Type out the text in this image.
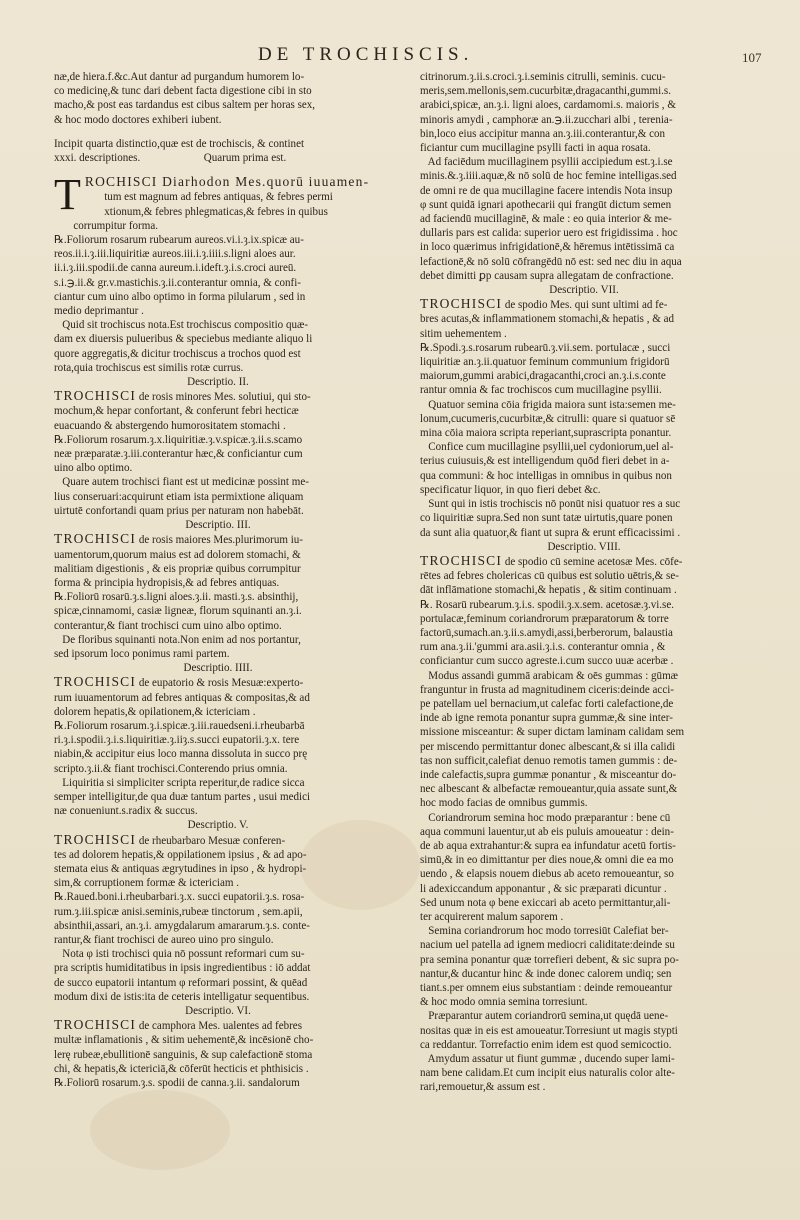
DE TROCHISCIS.	107

næ,de hiera.f.&c.Aut dantur ad purgandum humorem lo-

co medicinę,& tunc dari debent facta digestione cibi in sto

macho,& post eas tardandus est cibus saltem per horas sex,

& hoc modo doctores exhiberi iubent.

Incipit quarta distinctio,quæ est de trochiscis, & continet

xxxi. descriptiones.                       Quarum prima est.

TROCHISCI Diarhodon Mes.quorū iuuamen-

tum est magnum ad febres antiquas, & febres permi

xtionum,& febres phlegmaticas,& febres in quibus

corrumpitur forma.

℞.Foliorum rosarum rubearum aureos.vi.i.ȝ.ix.spicæ au-

reos.ii.i.ȝ.iii.liquiritiæ aureos.iii.i.ȝ.iiii.s.ligni aloes aur.

ii.i.ȝ.iii.spodii.de canna aureum.i.ideft.ȝ.i.s.croci aureū.

s.i.℈.ii.& gr.v.mastichis.ȝ.ii.conterantur omnia, & confi-

ciantur cum uino albo optimo in forma pilularum , sed in

medio deprimantur .

Quid sit trochiscus nota.Est trochiscus compositio quæ-

dam ex diuersis pulueribus & speciebus mediante aliquo li

quore aggregatis,& dicitur trochiscus a trochos quod est

rota,quia trochiscus est similis rotæ currus.

Descriptio. II.

TROCHISCI de rosis minores Mes. solutiui, qui sto-

mochum,& hepar confortant, & conferunt febri hecticæ

euacuando & abstergendo humorositatem stomachi .

℞.Foliorum rosarum.ȝ.x.liquiritiæ.ȝ.v.spicæ.ȝ.ii.s.scamo

neæ præparatæ.ȝ.iii.conterantur hæc,& conficiantur cum

uino albo optimo.

Quare autem trochisci fiant est ut medicinæ possint me-

lius conseruari:acquirunt etiam ista permixtione aliquam

uirtutē confortandi quam prius per naturam non habebāt.

Descriptio. III.

TROCHISCI de rosis maiores Mes.plurimorum iu-

uamentorum,quorum maius est ad dolorem stomachi, &

malitiam digestionis , & eis propriæ quibus corrumpitur

forma & principia hydropisis,& ad febres antiquas.

℞.Foliorū rosarū.ȝ.s.ligni aloes.ȝ.ii. masti.ȝ.s. absinthij,

spicæ,cinnamomi, casiæ ligneæ, florum squinanti an.ȝ.i.

conterantur,& fiant trochisci cum uino albo optimo.

De floribus squinanti nota.Non enim ad nos portantur,

sed ipsorum loco ponimus rami partem.

Descriptio. IIII.

TROCHISCI de eupatorio & rosis Mesuæ:experto-

rum iuuamentorum ad febres antiquas & compositas,& ad

dolorem hepatis,& opilationem,& ictericiam .

℞.Foliorum rosarum.ȝ.i.spicæ.ȝ.iii.rauedseni.i.rheubarbā

ri.ȝ.i.spodii.ȝ.i.s.liquiritiæ.ȝ.iiȝ.s.succi eupatorii.ȝ.x. tere

niabin,& accipitur eius loco manna dissoluta in succo prę

scripto.ȝ.ii.& fiant trochisci.Conterendo prius omnia.

Liquiritia si simpliciter scripta reperitur,de radice sicca

semper intelligitur,de qua duæ tantum partes , usui medici

næ conueniunt.s.radix & succus.

Descriptio. V.

TROCHISCI de rheubarbaro Mesuæ conferen-

tes ad dolorem hepatis,& oppilationem ipsius , & ad apo-

stemata eius & antiquas ægrytudines in ipso , & hydropi-

sim,& corruptionem formæ & ictericiam .

℞.Raued.boni.i.rheubarbari.ȝ.x. succi eupatorii.ȝ.s. rosa-

rum.ȝ.iii.spicæ anisi.seminis,rubeæ tinctorum , sem.apii,

absinthii,assari, an.ȝ.i. amygdalarum amararum.ȝ.s. conte-

rantur,& fiant trochisci de aureo uino pro singulo.

Nota φ isti trochisci quia nō possunt reformari cum su-

pra scriptis humiditatibus in ipsis ingredientibus : iō addat

de succo eupatorii intantum φ reformari possint, & quēad

modum dixi de istis:ita de ceteris intelligatur sequentibus.

Descriptio. VI.

TROCHISCI de camphora Mes. ualentes ad febres

multæ inflamationis , & sitim uehementē,& incēsionē cho-

lerę rubeæ,ebullitionē sanguinis, & sup calefactionē stoma

chi, & hepatis,& ictericiā,& cōferūt hecticis et phthisicis .

℞.Foliorū rosarum.ȝ.s. spodii de canna.ȝ.ii. sandalorum

citrinorum.ȝ.ii.s.croci.ȝ.i.seminis citrulli, seminis. cucu-

meris,sem.mellonis,sem.cucurbitæ,dragacanthi,gummi.s.

arabici,spicæ, an.ȝ.i. ligni aloes, cardamomi.s. maioris , &

minoris amydi , camphoræ an.℈.ii.zucchari albi , terenia-

bin,loco eius accipitur manna an.ȝ.iii.conterantur,& con

ficiantur cum mucillagine psylli facti in aqua rosata.

Ad faciēdum mucillaginem psyllii accipiedum est.ȝ.i.se

minis.&.ȝ.iiii.aquæ,& nō solū de hoc femine intelligas.sed

de omni re de qua mucillagine facere intendis Nota insup

φ sunt quidā ignari apothecarii qui frangūt dictum semen

ad faciendū mucillaginē, & male : eo quia interior & me-

dullaris pars est calida: superior uero est frigidissima . hoc

in loco quærimus infrigidationē,& hēremus intētissimā ca

lefactionē,& nō solū cōfrangēdū nō est: sed nec diu in aqua

debet dimitti ꝑp causam supra allegatam de confractione.

Descriptio. VII.

TROCHISCI de spodio Mes. qui sunt ultimi ad fe-

bres acutas,& inflammationem stomachi,& hepatis , & ad

sitim uehementem .

℞.Spodi.ȝ.s.rosarum rubearū.ȝ.vii.sem. portulacæ , succi

liquiritiæ an.ȝ.ii.quatuor feminum communium frigidorū

maiorum,gummi arabici,dragacanthi,croci an.ȝ.i.s.conte

rantur omnia & fac trochiscos cum mucillagine psyllii.

Quatuor semina cōia frigida maiora sunt ista:semen me-

lonum,cucumeris,cucurbitæ,& citrulli: quare si quatuor sē

mina cōia maiora scripta reperiant,suprascripta ponantur.

Confice cum mucillagine psyllii,uel cydoniorum,uel al-

terius cuiusuis,& est intelligendum quōd fieri debet in a-

qua communi: & hoc intelligas in omnibus in quibus non

specificatur liquor, in quo fieri debet &c.

Sunt qui in istis trochiscis nō ponūt nisi quatuor res a suc

co liquiritiæ supra.Sed non sunt tatæ uirtutis,quare ponen

da sunt alia quatuor,& fiant ut supra & erunt efficacissimi .

Descriptio. VIII.

TROCHISCI de spodio cū semine acetosæ Mes. cōfe-

rētes ad febres cholericas cū quibus est solutio uētris,& se-

dāt inflāmatione stomachi,& hepatis , & sitim continuam .

℞. Rosarū rubearum.ȝ.i.s. spodii.ȝ.x.sem. acetosæ.ȝ.vi.se.

portulacæ,feminum coriandrorum præparatorum & torre

factorū,sumach.an.ȝ.ii.s.amydi,assi,berberorum, balaustia

rum ana.ȝ.ii.'gummi ara.asii.ȝ.i.s. conterantur omnia , &

conficiantur cum succo agreste.i.cum succo uuæ acerbæ .

Modus assandi gummā arabicam & oēs gummas : gūmæ

franguntur in frusta ad magnitudinem ciceris:deinde acci-

pe patellam uel bernacium,ut calefac forti calefactione,de

inde ab igne remota ponantur supra gummæ,& sine inter-

missione misceantur: & super dictam laminam calidam sem

per miscendo permittantur donec albescant,& si illa calidi

tas non sufficit,calefiat denuo remotis tamen gummis : de-

inde calefactis,supra gummæ ponantur , & misceantur do-

nec albescant & albefactæ remoueantur,quia assate sunt,&

hoc modo facias de omnibus gummis.

Coriandrorum semina hoc modo præparantur : bene cū

aqua communi lauentur,ut ab eis puluis amoueatur : dein-

de ab aqua extrahantur:& supra ea infundatur acetū fortis-

simū,& in eo dimittantur per dies noue,& omni die ea mo

uendo , & elapsis nouem diebus ab aceto remoueantur, so

li adexiccandum apponantur , & sic præparati dicuntur .

Sed unum nota φ bene exiccari ab aceto permittantur,ali-

ter acquirerent malum saporem .

Semina coriandrorum hoc modo torresiūt Calefiat ber-

nacium uel patella ad ignem mediocri caliditate:deinde su

pra semina ponantur quæ torrefieri debent, & sic supra po-

nantur,& ducantur hinc & inde donec calorem undiq; sen

tiant.s.per omnem eius substantiam : deinde remoueantur

& hoc modo omnia semina torresiunt.

Præparantur autem coriandrorū semina,ut quędā uene-

nositas quæ in eis est amoueatur.Torresiunt ut magis stypti

ca reddantur. Torrefactio enim idem est quod semicoctio.

Amydum assatur ut fiunt gummæ , ducendo super lami-

nam bene calidam.Et cum incipit eius naturalis color alte-

rari,remouetur,& assum est .
